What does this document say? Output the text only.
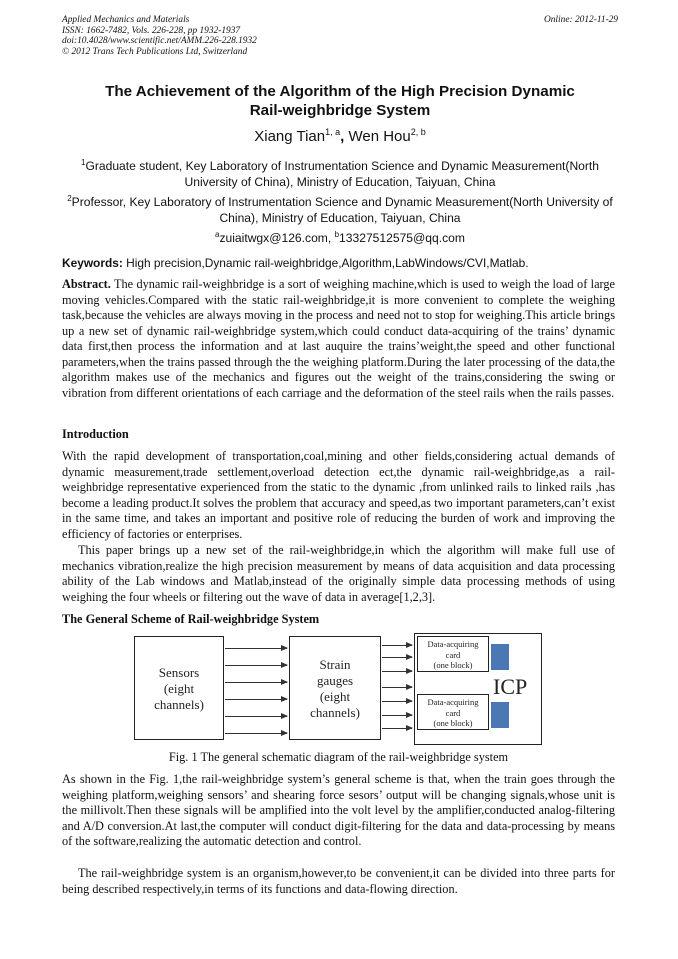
Applied Mechanics and Materials
ISSN: 1662-7482, Vols. 226-228, pp 1932-1937
doi:10.4028/www.scientific.net/AMM.226-228.1932
© 2012 Trans Tech Publications Ltd, Switzerland
Online: 2012-11-29
The Achievement of the Algorithm of the High Precision Dynamic
Rail-weighbridge System
Xiang Tian$^{1, a}$, Wen Hou$^{2, b}$
$^1$Graduate student, Key Laboratory of Instrumentation Science and Dynamic Measurement(North University of China), Ministry of Education, Taiyuan, China
$^2$Professor, Key Laboratory of Instrumentation Science and Dynamic Measurement(North University of China), Ministry of Education, Taiyuan, China
$^a$zuiaitwgx@126.com, $^b$13327512575@qq.com
Keywords: High precision,Dynamic rail-weighbridge,Algorithm,LabWindows/CVI,Matlab.
Abstract. The dynamic rail-weighbridge is a sort of weighing machine,which is used to weigh the load of large moving vehicles.Compared with the static rail-weighbridge,it is more convenient to complete the weighing task,because the vehicles are always moving in the process and need not to stop for weighing.This article brings up a new set of dynamic rail-weighbridge system,which could conduct data-acquiring of the trains’ dynamic data first,then process the information and at last auquire the trains’weight,the speed and other functional parameters,when the trains passed through the the weighing platform.During the later processing of the data,the algorithm makes use of the mechanics and figures out the weight of the trains,considering the swing or vibration from different orientations of each carriage and the deformation of the steel rails when the rails passes.
Introduction
With the rapid development of transportation,coal,mining and other fields,considering actual demands of dynamic measurement,trade settlement,overload detection ect,the dynamic rail-weighbridge,as a rail-weighbridge representative experienced from the static to the dynamic ,from unlinked rails to linked rails ,has become a leading product.It solves the problem that accuracy and speed,as two important parameters,can’t exist in the same time, and takes an important and positive role of reducing the burden of work and improving the efficiency of factories or enterprises.
This paper brings up a new set of the rail-weighbridge,in which the algorithm will make full use of mechanics vibration,realize the high precision measurement by means of data acquisition and data processing ability of the Lab windows and Matlab,instead of the originally simple data processing methods of using weighing the four wheels or filtering out the wave of data in average[1,2,3].
The General Scheme of Rail-weighbridge System
Sensors
(eight
channels)
Strain
gauges
(eight
channels)
Data-acquiring
card
(one block)
Data-acquiring
card
(one block)
ICP
Fig. 1 The general schematic diagram of the rail-weighbridge system
As shown in the Fig. 1,the rail-weighbridge system’s general scheme is that, when the train goes through the weighing platform,weighing sensors’ and shearing force sesors’ output will be changing signals,whose unit is the millivolt.Then these signals will be amplified into the volt level by the amplifier,conducted analog-filtering and A/D conversion.At last,the computer will conduct digit-filtering for the data and data-processing by means of the software,realizing the automatic detection and control.
The rail-weighbridge system is an organism,however,to be convenient,it can be divided into three parts for being described respectively,in terms of its functions and data-flowing direction.
